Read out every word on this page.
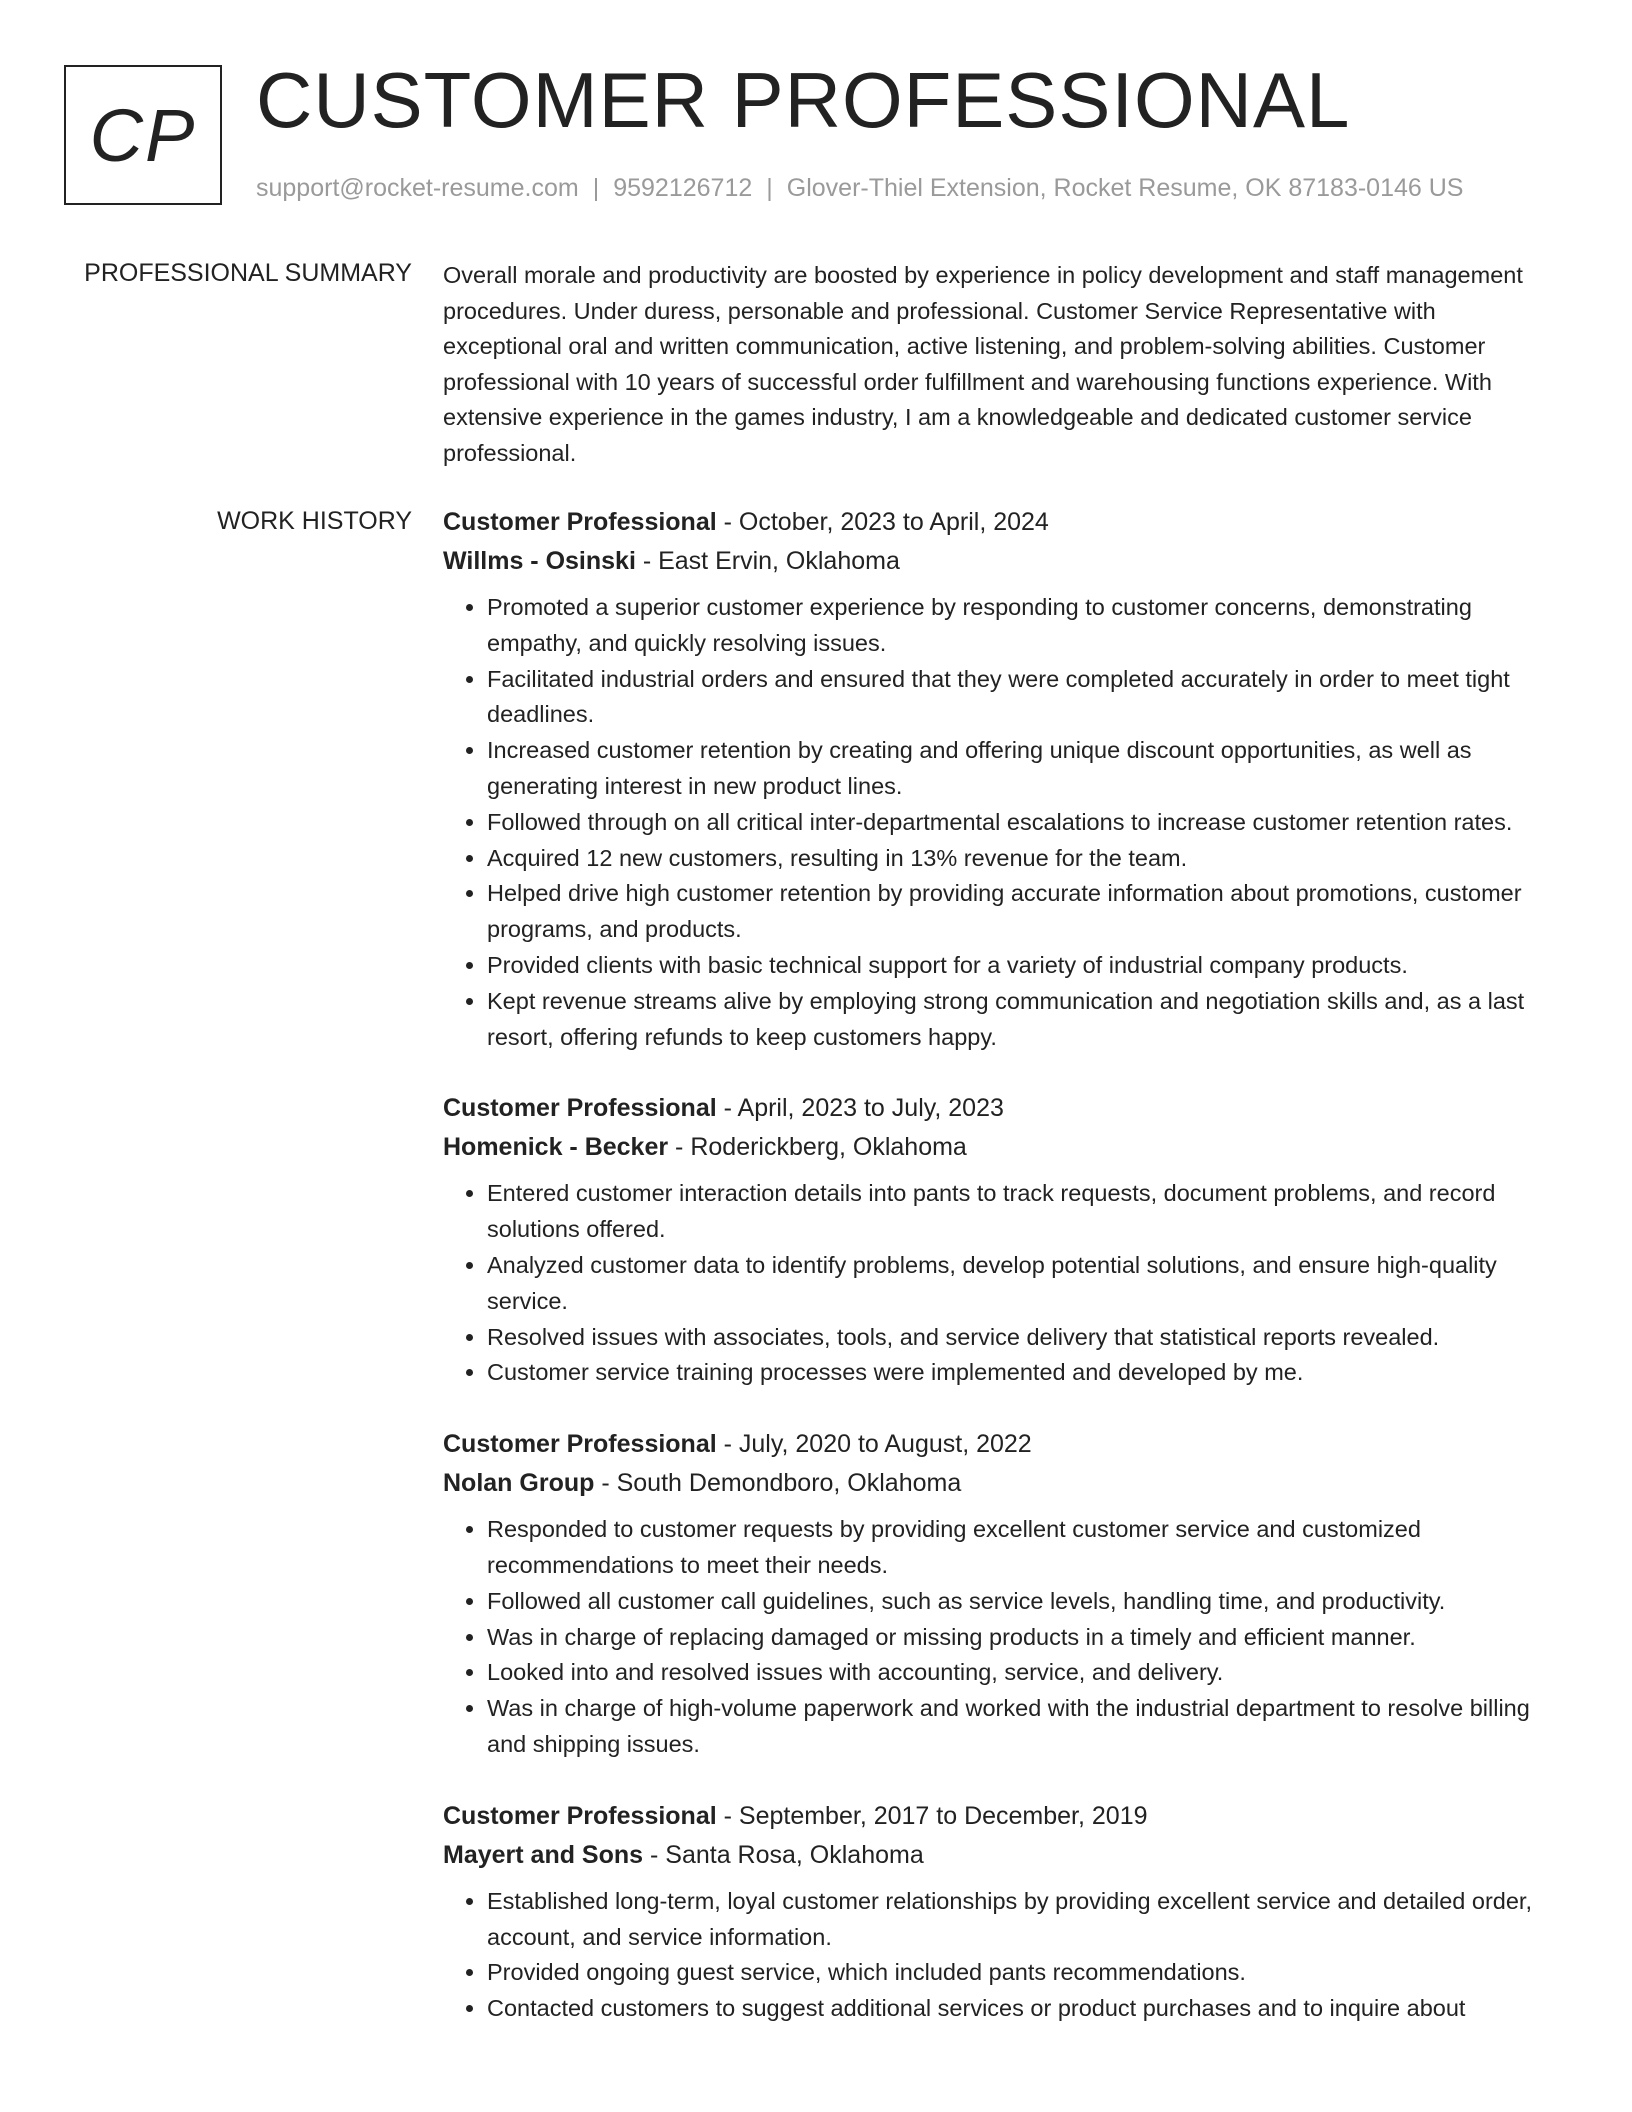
CP CUSTOMER PROFESSIONAL
support@rocket-resume.com | 9592126712 | Glover-Thiel Extension, Rocket Resume, OK 87183-0146 US
PROFESSIONAL SUMMARY Overall morale and productivity are boosted by experience in policy development and staff management procedures. Under duress, personable and professional. Customer Service Representative with exceptional oral and written communication, active listening, and problem-solving abilities. Customer professional with 10 years of successful order fulfillment and warehousing functions experience. With extensive experience in the games industry, I am a knowledgeable and dedicated customer service professional.
WORK HISTORY Customer Professional - October, 2023 to April, 2024
Willms - Osinski - East Ervin, Oklahoma
• Promoted a superior customer experience by responding to customer concerns, demonstrating empathy, and quickly resolving issues.
• Facilitated industrial orders and ensured that they were completed accurately in order to meet tight deadlines.
• Increased customer retention by creating and offering unique discount opportunities, as well as generating interest in new product lines.
• Followed through on all critical inter-departmental escalations to increase customer retention rates.
• Acquired 12 new customers, resulting in 13% revenue for the team.
• Helped drive high customer retention by providing accurate information about promotions, customer programs, and products.
• Provided clients with basic technical support for a variety of industrial company products.
• Kept revenue streams alive by employing strong communication and negotiation skills and, as a last resort, offering refunds to keep customers happy.
Customer Professional - April, 2023 to July, 2023
Homenick - Becker - Roderickberg, Oklahoma
• Entered customer interaction details into pants to track requests, document problems, and record solutions offered.
• Analyzed customer data to identify problems, develop potential solutions, and ensure high-quality service.
• Resolved issues with associates, tools, and service delivery that statistical reports revealed.
• Customer service training processes were implemented and developed by me.
Customer Professional - July, 2020 to August, 2022
Nolan Group - South Demondboro, Oklahoma
• Responded to customer requests by providing excellent customer service and customized recommendations to meet their needs.
• Followed all customer call guidelines, such as service levels, handling time, and productivity.
• Was in charge of replacing damaged or missing products in a timely and efficient manner.
• Looked into and resolved issues with accounting, service, and delivery.
• Was in charge of high-volume paperwork and worked with the industrial department to resolve billing and shipping issues.
Customer Professional - September, 2017 to December, 2019
Mayert and Sons - Santa Rosa, Oklahoma
• Established long-term, loyal customer relationships by providing excellent service and detailed order, account, and service information.
• Provided ongoing guest service, which included pants recommendations.
• Contacted customers to suggest additional services or product purchases and to inquire about
